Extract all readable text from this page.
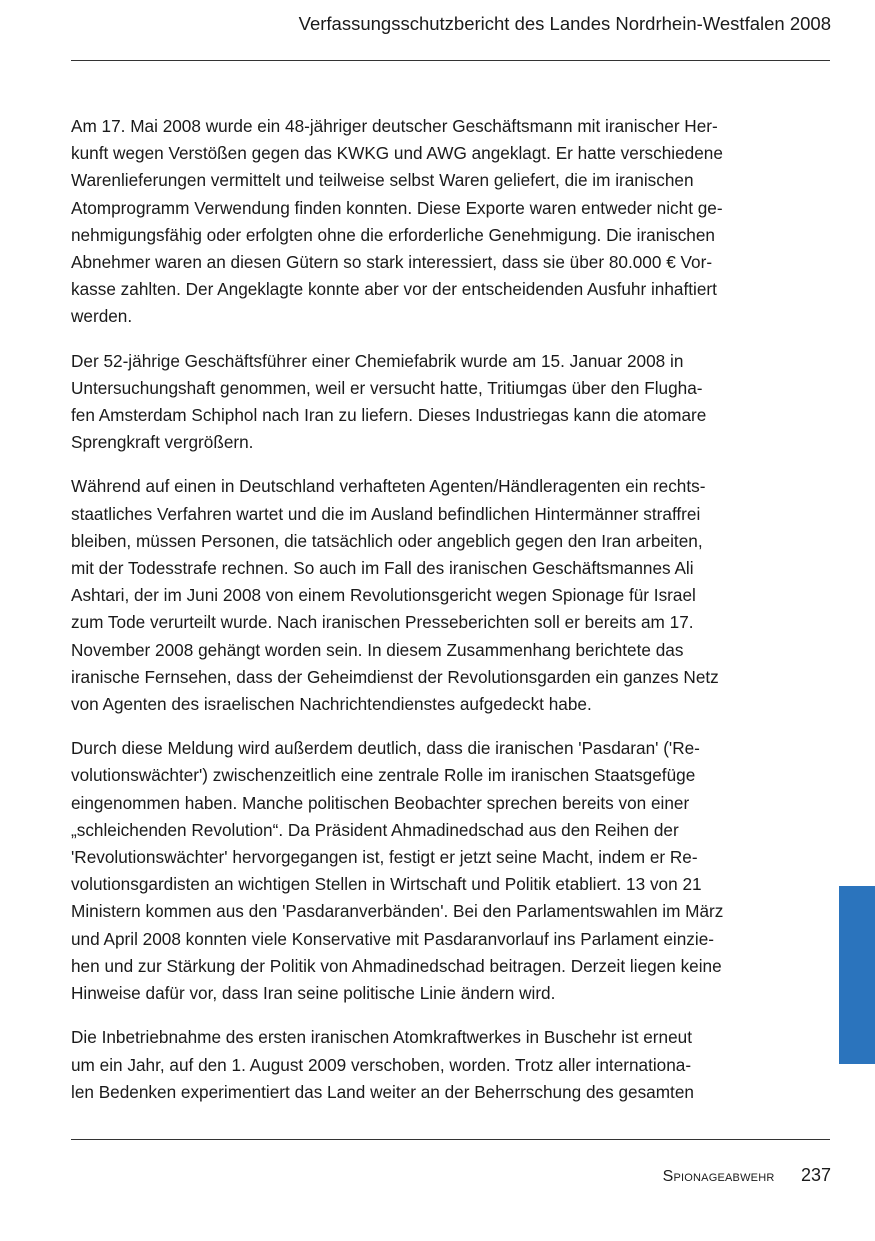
Verfassungsschutzbericht des Landes Nordrhein-Westfalen 2008

Am 17. Mai 2008 wurde ein 48-jähriger deutscher Geschäftsmann mit iranischer Her-
kunft wegen Verstößen gegen das KWKG und AWG angeklagt. Er hatte verschiedene
Warenlieferungen vermittelt und teilweise selbst Waren geliefert, die im iranischen
Atomprogramm Verwendung finden konnten. Diese Exporte waren entweder nicht ge-
nehmigungsfähig oder erfolgten ohne die erforderliche Genehmigung. Die iranischen
Abnehmer waren an diesen Gütern so stark interessiert, dass sie über 80.000 € Vor-
kasse zahlten. Der Angeklagte konnte aber vor der entscheidenden Ausfuhr inhaftiert
werden.

Der 52-jährige Geschäftsführer einer Chemiefabrik wurde am 15. Januar 2008 in
Untersuchungshaft genommen, weil er versucht hatte, Tritiumgas über den Flugha-
fen Amsterdam Schiphol nach Iran zu liefern. Dieses Industriegas kann die atomare
Sprengkraft vergrößern.

Während auf einen in Deutschland verhafteten Agenten/Händleragenten ein rechts-
staatliches Verfahren wartet und die im Ausland befindlichen Hintermänner straffrei
bleiben, müssen Personen, die tatsächlich oder angeblich gegen den Iran arbeiten,
mit der Todesstrafe rechnen. So auch im Fall des iranischen Geschäftsmannes Ali
Ashtari, der im Juni 2008 von einem Revolutionsgericht wegen Spionage für Israel
zum Tode verurteilt wurde. Nach iranischen Presseberichten soll er bereits am 17.
November 2008 gehängt worden sein. In diesem Zusammenhang berichtete das
iranische Fernsehen, dass der Geheimdienst der Revolutionsgarden ein ganzes Netz
von Agenten des israelischen Nachrichtendienstes aufgedeckt habe.

Durch diese Meldung wird außerdem deutlich, dass die iranischen 'Pasdaran' ('Re-
volutionswächter') zwischenzeitlich eine zentrale Rolle im iranischen Staatsgefüge
eingenommen haben. Manche politischen Beobachter sprechen bereits von einer
„schleichenden Revolution“. Da Präsident Ahmadinedschad aus den Reihen der
'Revolutionswächter' hervorgegangen ist, festigt er jetzt seine Macht, indem er Re-
volutionsgardisten an wichtigen Stellen in Wirtschaft und Politik etabliert. 13 von 21
Ministern kommen aus den 'Pasdaranverbänden'. Bei den Parlamentswahlen im März
und April 2008 konnten viele Konservative mit Pasdaranvorlauf ins Parlament einzie-
hen und zur Stärkung der Politik von Ahmadinedschad beitragen. Derzeit liegen keine
Hinweise dafür vor, dass Iran seine politische Linie ändern wird.

Die Inbetriebnahme des ersten iranischen Atomkraftwerkes in Buschehr ist erneut
um ein Jahr, auf den 1. August 2009 verschoben, worden. Trotz aller internationa-
len Bedenken experimentiert das Land weiter an der Beherrschung des gesamten

Spionageabwehr 237
